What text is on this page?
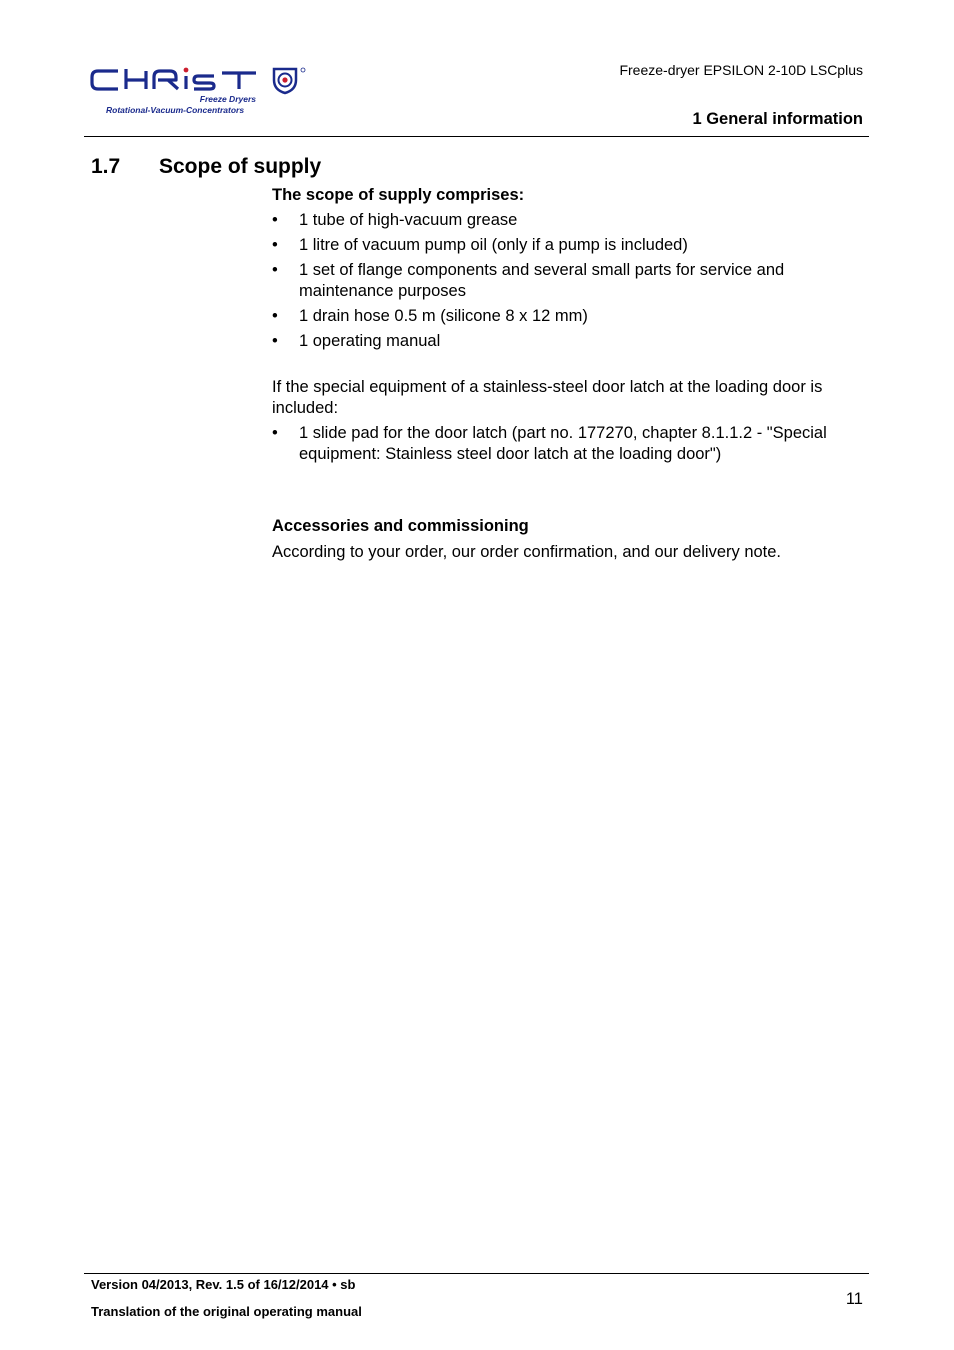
Freeze Dryers
Rotational-Vacuum-Concentrators
Freeze-dryer EPSILON 2-10D LSCplus
1 General information
1.7 Scope of supply

The scope of supply comprises:

• 1 tube of high-vacuum grease
• 1 litre of vacuum pump oil (only if a pump is included)
• 1 set of flange components and several small parts for service and maintenance purposes
• 1 drain hose 0.5 m (silicone 8 x 12 mm)
• 1 operating manual

If the special equipment of a stainless-steel door latch at the loading door is included:

• 1 slide pad for the door latch (part no. 177270, chapter 8.1.1.2 - "Special equipment: Stainless steel door latch at the loading door")

Accessories and commissioning

According to your order, our order confirmation, and our delivery note.

Version 04/2013, Rev. 1.5 of 16/12/2014 • sb
Translation of the original operating manual
11
